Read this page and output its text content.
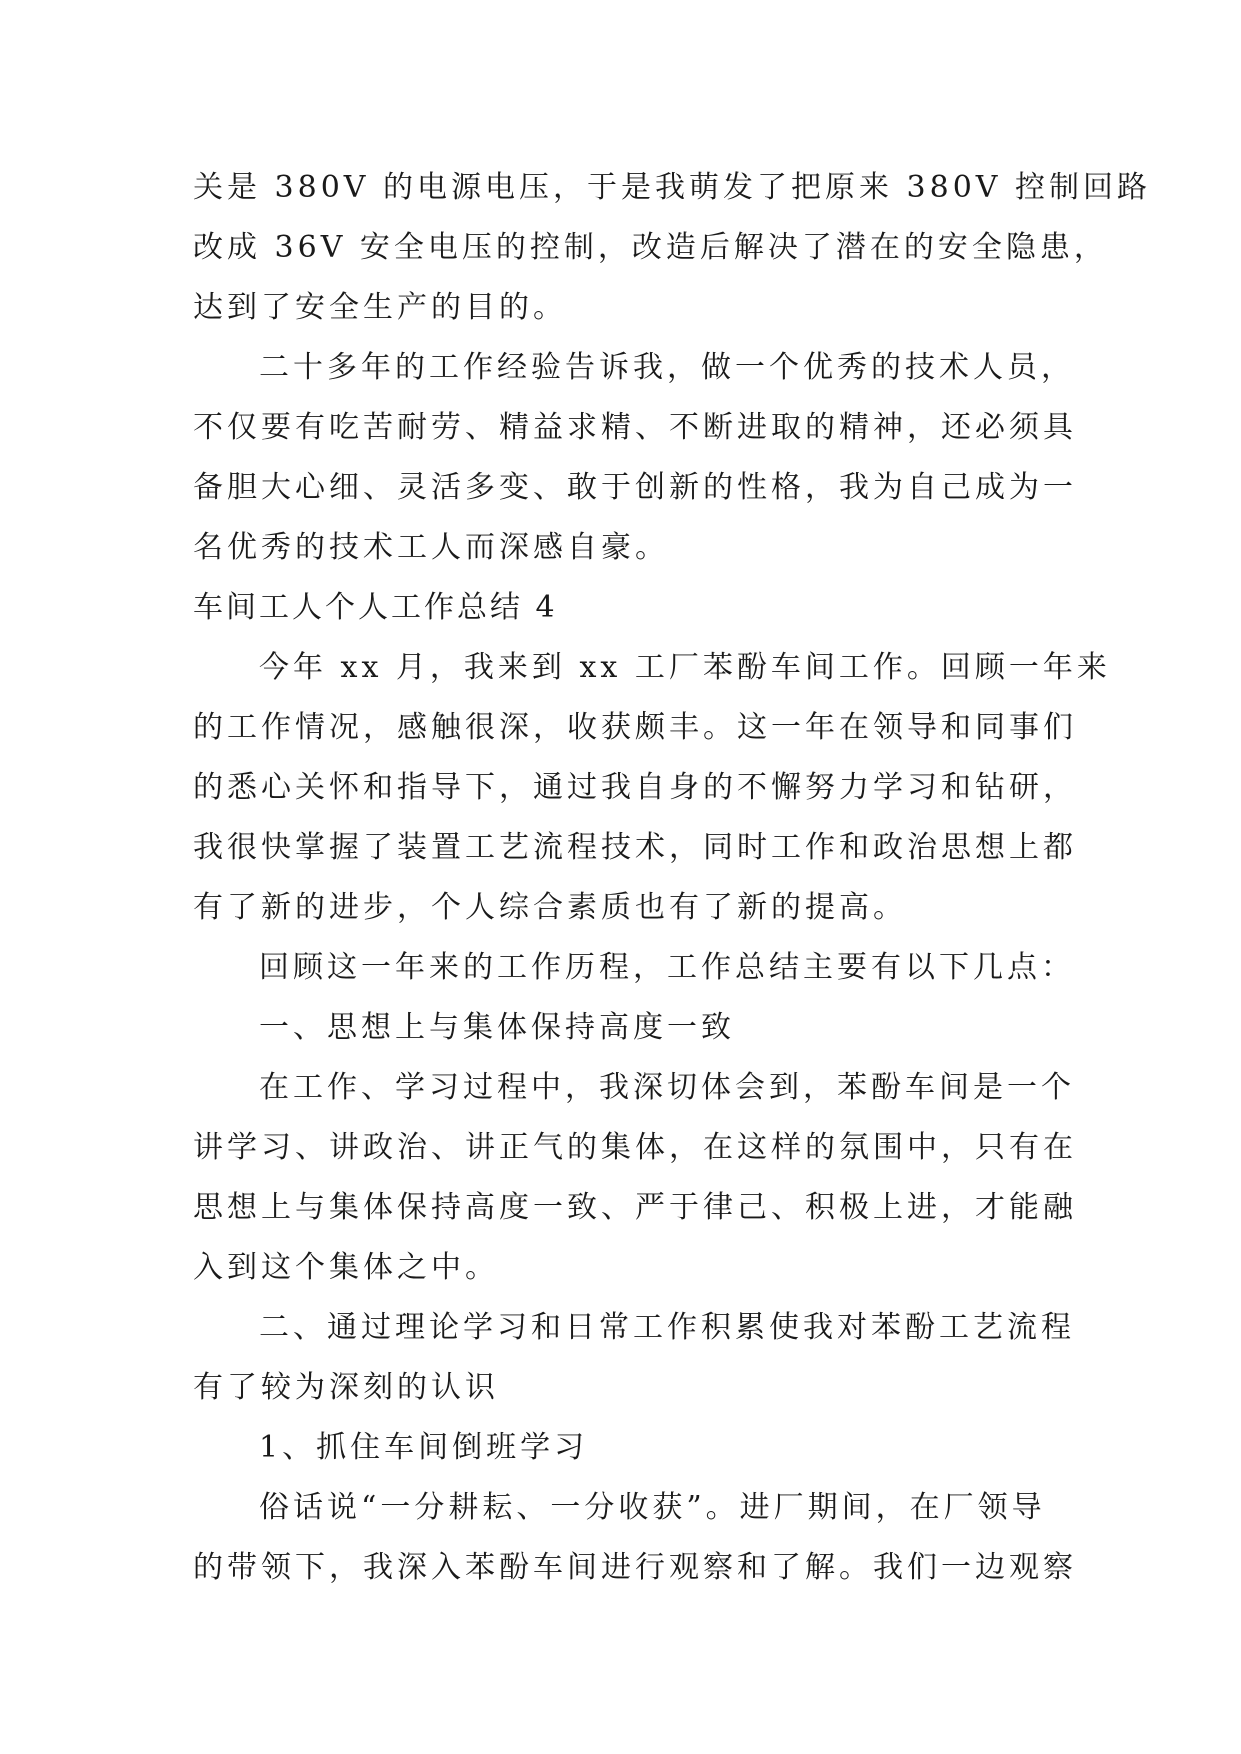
关是 380V 的电源电压，于是我萌发了把原来 380V 控制回路
改成 36V 安全电压的控制，改造后解决了潜在的安全隐患，
达到了安全生产的目的。
二十多年的工作经验告诉我，做一个优秀的技术人员，
不仅要有吃苦耐劳、精益求精、不断进取的精神，还必须具
备胆大心细、灵活多变、敢于创新的性格，我为自己成为一
名优秀的技术工人而深感自豪。
车间工人个人工作总结 4
今年 xx 月，我来到 xx 工厂苯酚车间工作。回顾一年来
的工作情况，感触很深，收获颇丰。这一年在领导和同事们
的悉心关怀和指导下，通过我自身的不懈努力学习和钻研，
我很快掌握了装置工艺流程技术，同时工作和政治思想上都
有了新的进步，个人综合素质也有了新的提高。
回顾这一年来的工作历程，工作总结主要有以下几点：
一、思想上与集体保持高度一致
在工作、学习过程中，我深切体会到，苯酚车间是一个
讲学习、讲政治、讲正气的集体，在这样的氛围中，只有在
思想上与集体保持高度一致、严于律己、积极上进，才能融
入到这个集体之中。
二、通过理论学习和日常工作积累使我对苯酚工艺流程
有了较为深刻的认识
1、抓住车间倒班学习
俗话说“一分耕耘、一分收获”。进厂期间，在厂领导
的带领下，我深入苯酚车间进行观察和了解。我们一边观察
